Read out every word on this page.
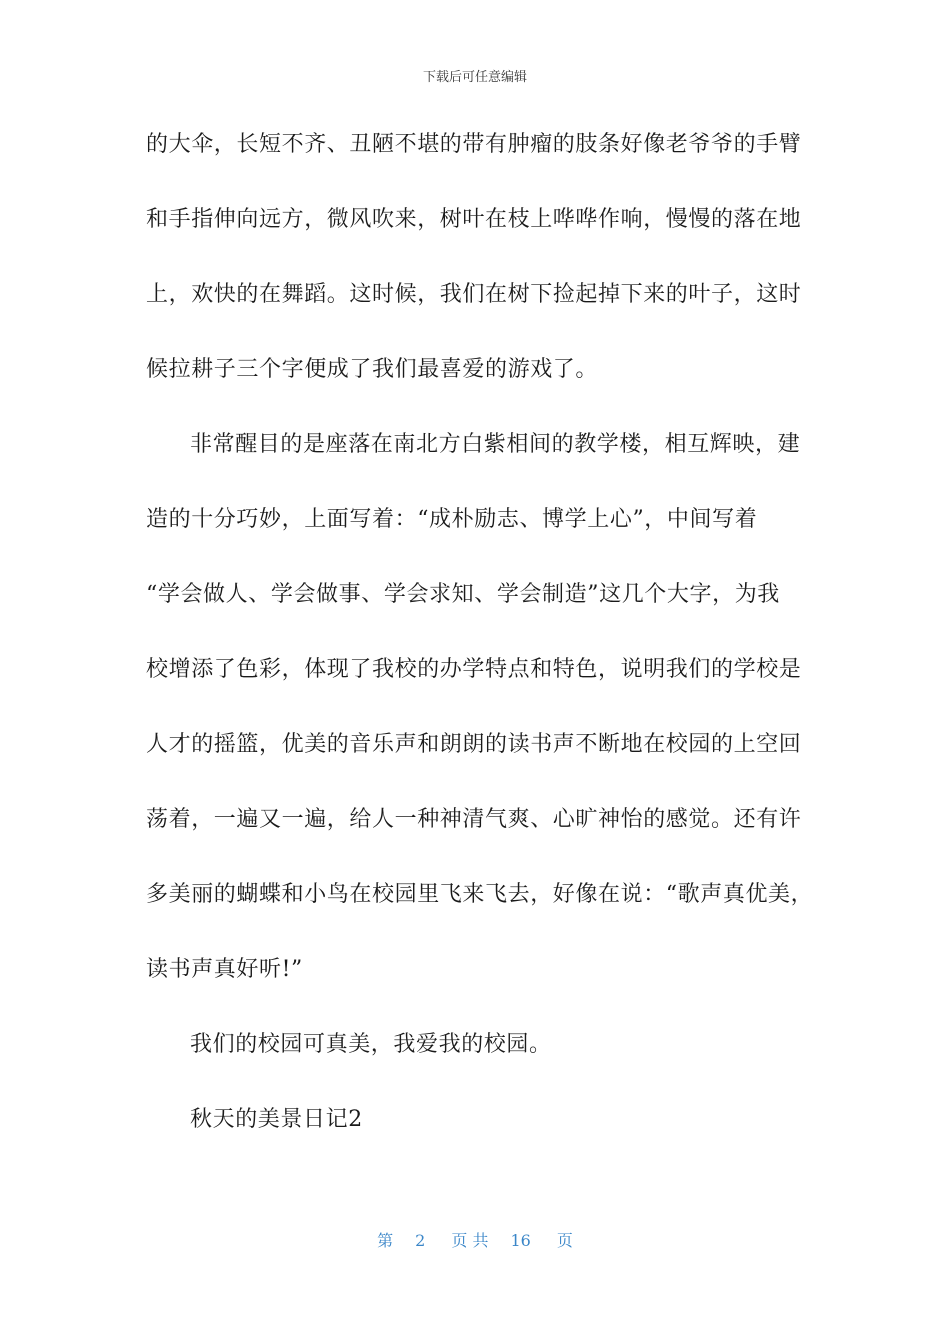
下载后可任意编辑
的大伞，长短不齐、丑陋不堪的带有肿瘤的肢条好像老爷爷的手臂
和手指伸向远方，微风吹来，树叶在枝上哗哗作响，慢慢的落在地
上，欢快的在舞蹈。这时候，我们在树下捡起掉下来的叶子，这时
候拉耕子三个字便成了我们最喜爱的游戏了。
非常醒目的是座落在南北方白紫相间的教学楼，相互辉映，建
造的十分巧妙，上面写着：“成朴励志、博学上心”，中间写着
“学会做人、学会做事、学会求知、学会制造”这几个大字，为我
校增添了色彩，体现了我校的办学特点和特色，说明我们的学校是
人才的摇篮，优美的音乐声和朗朗的读书声不断地在校园的上空回
荡着，一遍又一遍，给人一种神清气爽、心旷神怡的感觉。还有许
多美丽的蝴蝶和小鸟在校园里飞来飞去，好像在说：“歌声真优美，
读书声真好听!”
我们的校园可真美，我爱我的校园。
秋天的美景日记2
第 2 页 共 16 页
